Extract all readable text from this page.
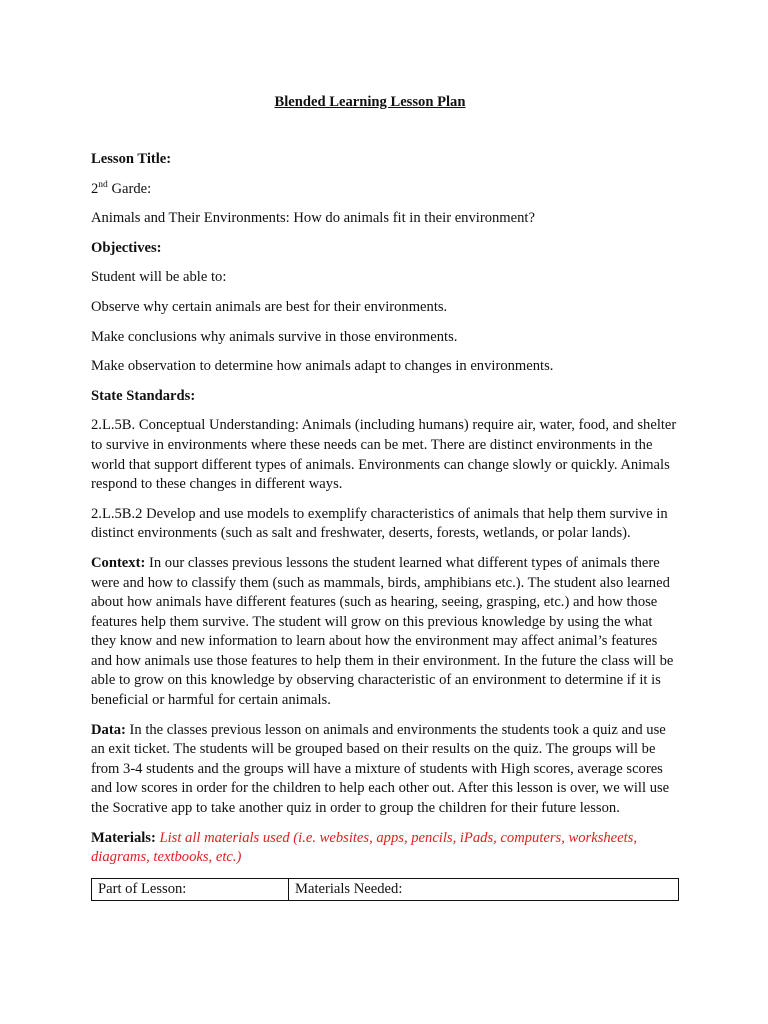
Blended Learning Lesson Plan

Lesson Title:

2nd Garde:

Animals and Their Environments: How do animals fit in their environment?

Objectives:

Student will be able to:

Observe why certain animals are best for their environments.

Make conclusions why animals survive in those environments.

Make observation to determine how animals adapt to changes in environments.

State Standards:

2.L.5B. Conceptual Understanding: Animals (including humans) require air, water, food, and shelter to survive in environments where these needs can be met. There are distinct environments in the world that support different types of animals. Environments can change slowly or quickly. Animals respond to these changes in different ways.

2.L.5B.2 Develop and use models to exemplify characteristics of animals that help them survive in distinct environments (such as salt and freshwater, deserts, forests, wetlands, or polar lands).

Context: In our classes previous lessons the student learned what different types of animals there were and how to classify them (such as mammals, birds, amphibians etc.). The student also learned about how animals have different features (such as hearing, seeing, grasping, etc.) and how those features help them survive. The student will grow on this previous knowledge by using the what they know and new information to learn about how the environment may affect animal’s features and how animals use those features to help them in their environment. In the future the class will be able to grow on this knowledge by observing characteristic of an environment to determine if it is beneficial or harmful for certain animals.

Data: In the classes previous lesson on animals and environments the students took a quiz and use an exit ticket. The students will be grouped based on their results on the quiz. The groups will be from 3-4 students and the groups will have a mixture of students with High scores, average scores and low scores in order for the children to help each other out. After this lesson is over, we will use the Socrative app to take another quiz in order to group the children for their future lesson.

Materials: List all materials used (i.e. websites, apps, pencils, iPads, computers, worksheets, diagrams, textbooks, etc.)

Part of Lesson:	Materials Needed:
